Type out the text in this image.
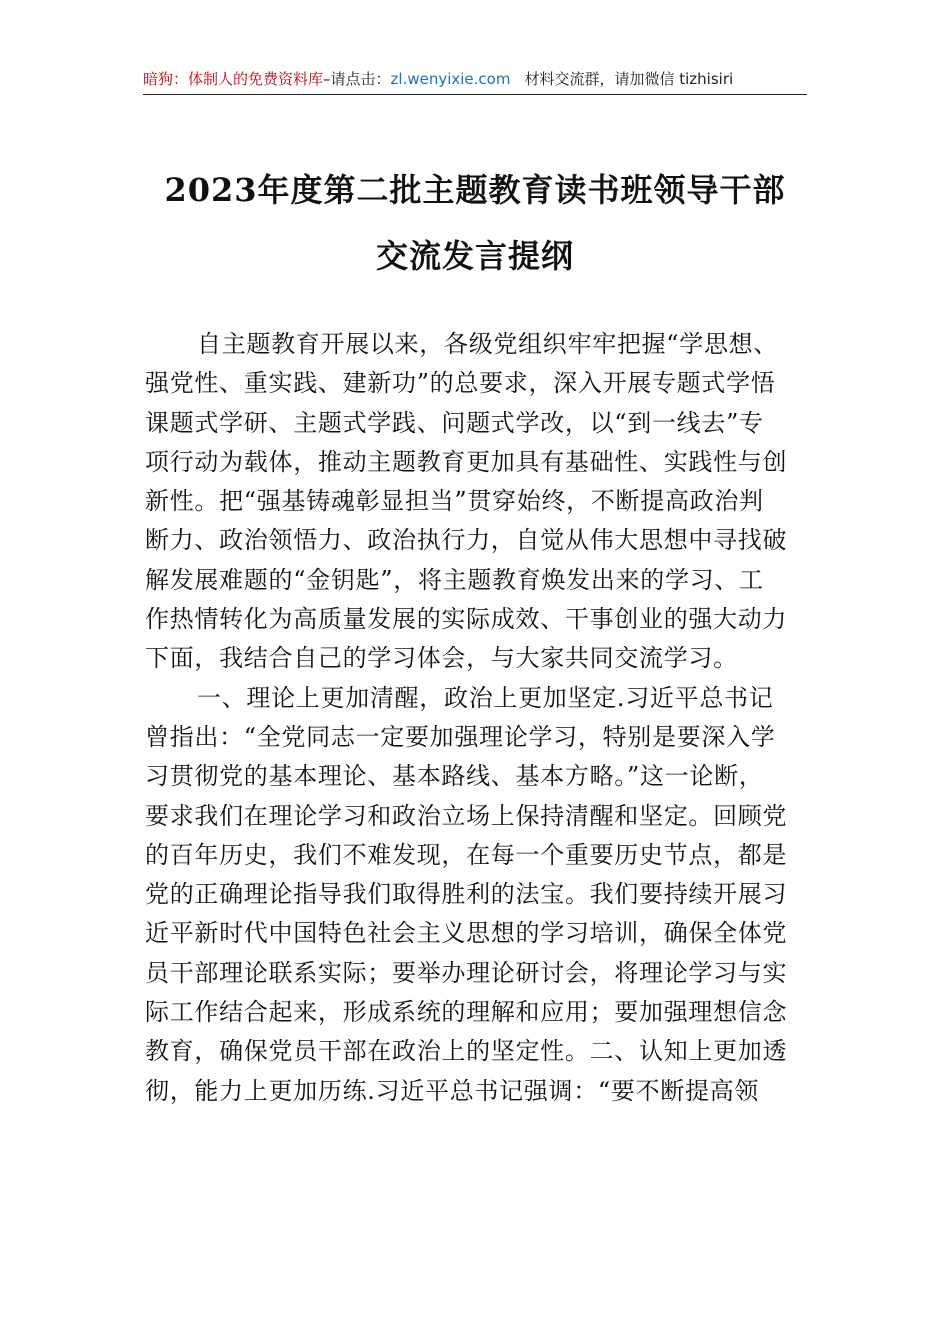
暗狗：体制人的免费资料库–请点击：zl.wenyixie.com 材料交流群，请加微信 tizhisiri
2023年度第二批主题教育读书班领导干部
交流发言提纲
自主题教育开展以来，各级党组织牢牢把握“学思想、
强党性、重实践、建新功”的总要求，深入开展专题式学悟
课题式学研、主题式学践、问题式学改，以“到一线去”专
项行动为载体，推动主题教育更加具有基础性、实践性与创
新性。把“强基铸魂彰显担当”贯穿始终，不断提高政治判
断力、政治领悟力、政治执行力，自觉从伟大思想中寻找破
解发展难题的“金钥匙”，将主题教育焕发出来的学习、工
作热情转化为高质量发展的实际成效、干事创业的强大动力
下面，我结合自己的学习体会，与大家共同交流学习。
一、理论上更加清醒，政治上更加坚定.习近平总书记
曾指出：“全党同志一定要加强理论学习，特别是要深入学
习贯彻党的基本理论、基本路线、基本方略。”这一论断，
要求我们在理论学习和政治立场上保持清醒和坚定。回顾党
的百年历史，我们不难发现，在每一个重要历史节点，都是
党的正确理论指导我们取得胜利的法宝。我们要持续开展习
近平新时代中国特色社会主义思想的学习培训，确保全体党
员干部理论联系实际；要举办理论研讨会，将理论学习与实
际工作结合起来，形成系统的理解和应用；要加强理想信念
教育，确保党员干部在政治上的坚定性。二、认知上更加透
彻，能力上更加历练.习近平总书记强调：“要不断提高领
